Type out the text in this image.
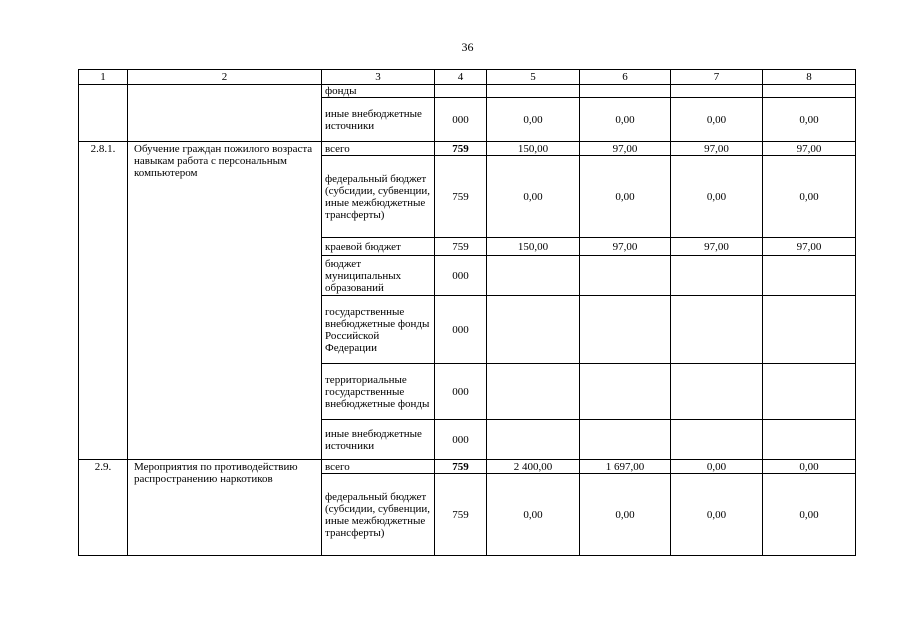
36
1	2	3	4	5	6	7	8
		фонды					
		иные внебюджетные источники	000	0,00	0,00	0,00	0,00
2.8.1.	Обучение граждан пожилого возраста навыкам работа с персональным компьютером	всего	759	150,00	97,00	97,00	97,00
		федеральный бюджет (субсидии, субвенции, иные межбюджетные трансферты)	759	0,00	0,00	0,00	0,00
		краевой бюджет	759	150,00	97,00	97,00	97,00
		бюджет муниципальных образований	000				
		государственные внебюджетные фонды Российской Федерации	000				
		территориальные государственные внебюджетные фонды	000				
		иные внебюджетные источники	000				
2.9.	Мероприятия по противодействию распространению наркотиков	всего	759	2 400,00	1 697,00	0,00	0,00
		федеральный бюджет (субсидии, субвенции, иные межбюджетные трансферты)	759	0,00	0,00	0,00	0,00
